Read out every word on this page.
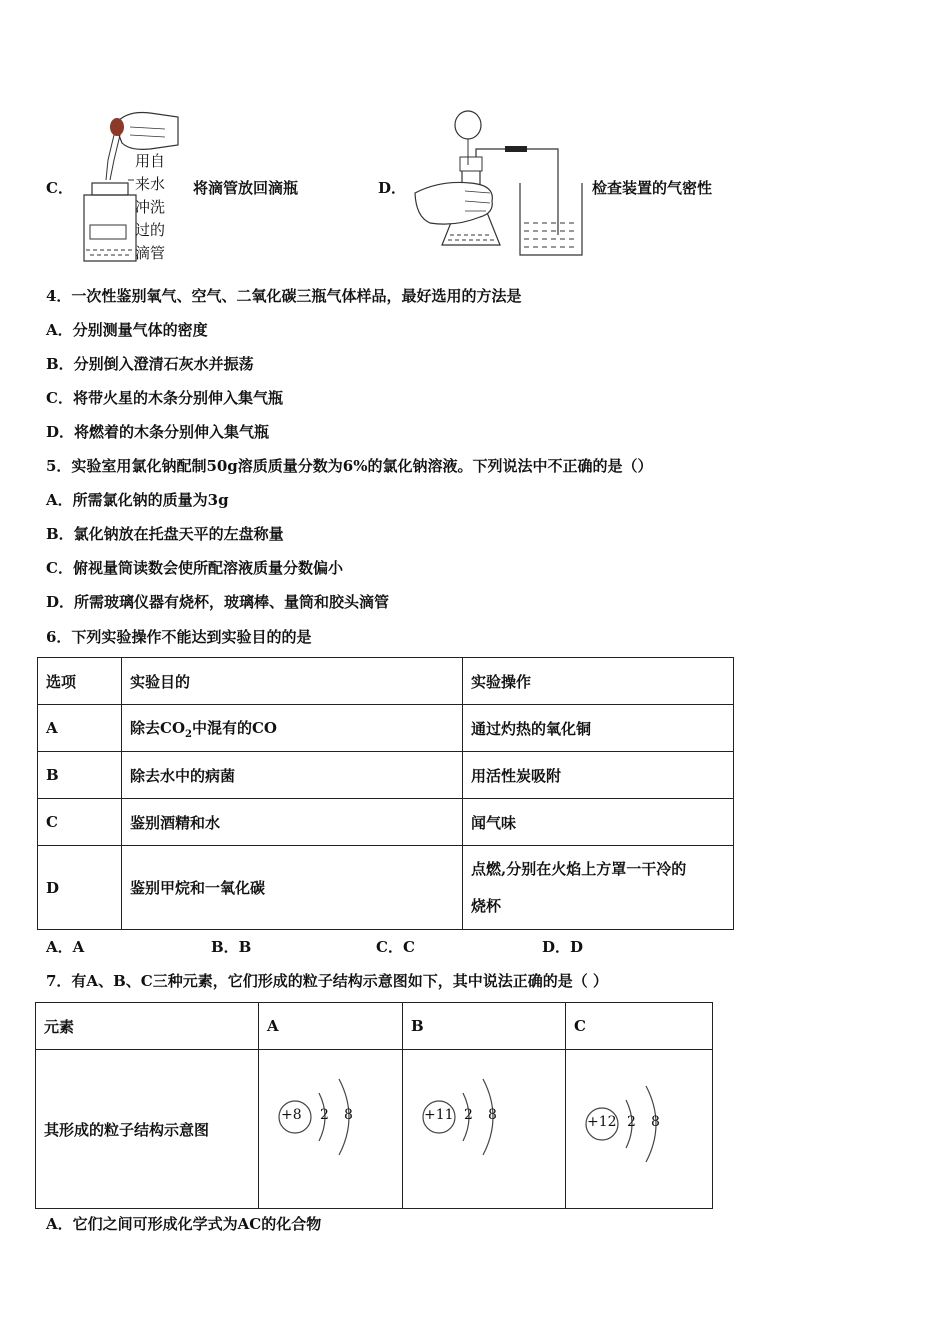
C．
用自
来水
冲洗
过的
滴管
将滴管放回滴瓶	D．	检查装置的气密性
4．一次性鉴别氧气、空气、二氧化碳三瓶气体样品，最好选用的方法是
A．分别测量气体的密度
B．分别倒入澄清石灰水并振荡
C．将带火星的木条分别伸入集气瓶
D．将燃着的木条分别伸入集气瓶
5．实验室用氯化钠配制50g溶质质量分数为6%的氯化钠溶液。下列说法中不正确的是（）
A．所需氯化钠的质量为3g
B．氯化钠放在托盘天平的左盘称量
C．俯视量筒读数会使所配溶液质量分数偏小
D．所需玻璃仪器有烧杯，玻璃棒、量筒和胶头滴管
6．下列实验操作不能达到实验目的的是
选项	实验目的	实验操作
A	除去$CO_2$中混有的CO	通过灼热的氧化铜
B	除去水中的病菌	用活性炭吸附
C	鉴别酒精和水	闻气味
D	鉴别甲烷和一氧化碳	点燃,分别在火焰上方罩一干冷的
烧杯
A．A	B．B	C．C	D．D
7．有A、B、C三种元素，它们形成的粒子结构示意图如下，其中说法正确的是（ ）
元素	A	B	C
其形成的粒子结构示意图	+8 2 8	+11 2 8	+12 2 8
A．它们之间可形成化学式为AC的化合物
